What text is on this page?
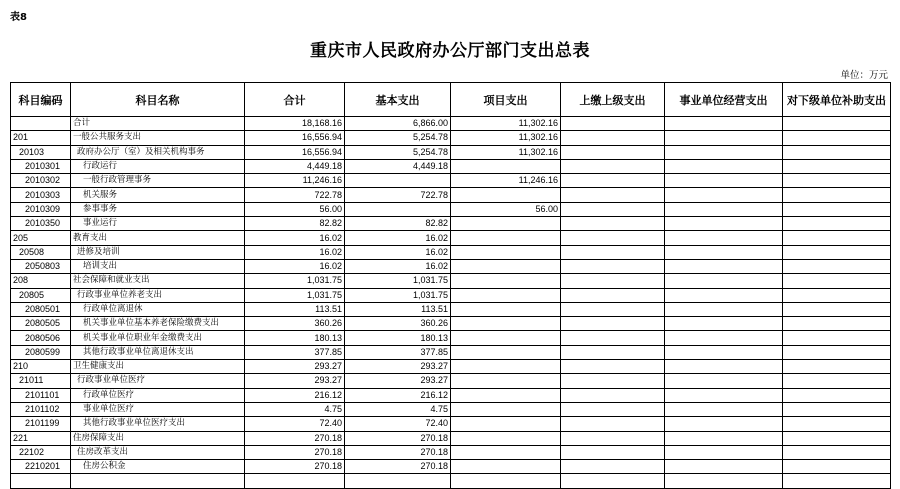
表8
重庆市人民政府办公厅部门支出总表
单位：万元
科目编码	科目名称	合计	基本支出	项目支出	上缴上级支出	事业单位经营支出	对下级单位补助支出
	合计	18,168.16	6,866.00	11,302.16			
201	一般公共服务支出	16,556.94	5,254.78	11,302.16			
20103	政府办公厅（室）及相关机构事务	16,556.94	5,254.78	11,302.16			
2010301	行政运行	4,449.18	4,449.18				
2010302	一般行政管理事务	11,246.16		11,246.16			
2010303	机关服务	722.78	722.78				
2010309	参事事务	56.00		56.00			
2010350	事业运行	82.82	82.82				
205	教育支出	16.02	16.02				
20508	进修及培训	16.02	16.02				
2050803	培训支出	16.02	16.02				
208	社会保障和就业支出	1,031.75	1,031.75				
20805	行政事业单位养老支出	1,031.75	1,031.75				
2080501	行政单位离退休	113.51	113.51				
2080505	机关事业单位基本养老保险缴费支出	360.26	360.26				
2080506	机关事业单位职业年金缴费支出	180.13	180.13				
2080599	其他行政事业单位离退休支出	377.85	377.85				
210	卫生健康支出	293.27	293.27				
21011	行政事业单位医疗	293.27	293.27				
2101101	行政单位医疗	216.12	216.12				
2101102	事业单位医疗	4.75	4.75				
2101199	其他行政事业单位医疗支出	72.40	72.40				
221	住房保障支出	270.18	270.18				
22102	住房改革支出	270.18	270.18				
2210201	住房公积金	270.18	270.18				
